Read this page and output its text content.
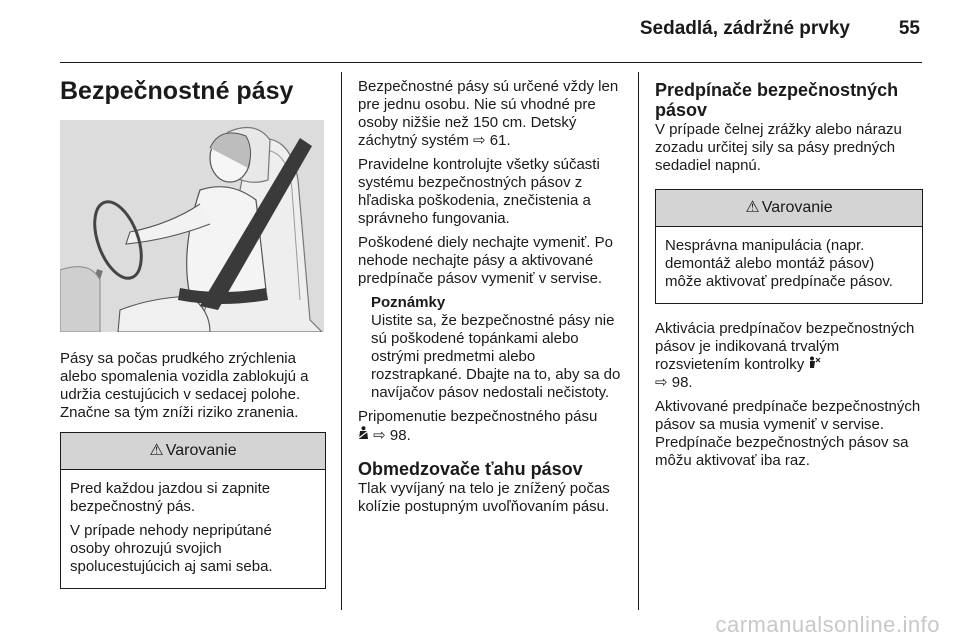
Sedadlá, zádržné prvky	55
Bezpečnostné pásy

Pásy sa počas prudkého zrýchlenia alebo spomalenia vozidla zablokujú a udržia cestujúcich v sedacej polohe. Značne sa tým zníži riziko zranenia.

⚠ Varovanie

Pred každou jazdou si zapnite bezpečnostný pás.

V prípade nehody nepripútané osoby ohrozujú svojich spolucestujúcich aj sami seba.

Bezpečnostné pásy sú určené vždy len pre jednu osobu. Nie sú vhodné pre osoby nižšie než 150 cm. Detský záchytný systém ⇨ 61.

Pravidelne kontrolujte všetky súčasti systému bezpečnostných pásov z hľadiska poškodenia, znečistenia a správneho fungovania.

Poškodené diely nechajte vymeniť. Po nehode nechajte pásy a aktivované predpínače pásov vymeniť v servise.

Poznámky
Uistite sa, že bezpečnostné pásy nie sú poškodené topánkami alebo ostrými predmetmi alebo rozstrapkané. Dbajte na to, aby sa do navíjačov pásov nedostali nečistoty.

Pripomenutie bezpečnostného pásu
⇨ 98.

Obmedzovače ťahu pásov

Tlak vyvíjaný na telo je znížený počas kolízie postupným uvoľňovaním pásu.

Predpínače bezpečnostných pásov

V prípade čelnej zrážky alebo nárazu zozadu určitej sily sa pásy predných sedadiel napnú.

⚠ Varovanie

Nesprávna manipulácia (napr. demontáž alebo montáž pásov) môže aktivovať predpínače pásov.

Aktivácia predpínačov bezpečnostných pásov je indikovaná trvalým rozsvietením kontrolky
⇨ 98.

Aktivované predpínače bezpečnostných pásov sa musia vymeniť v servise. Predpínače bezpečnostných pásov sa môžu aktivovať iba raz.

carmanualsonline.info
